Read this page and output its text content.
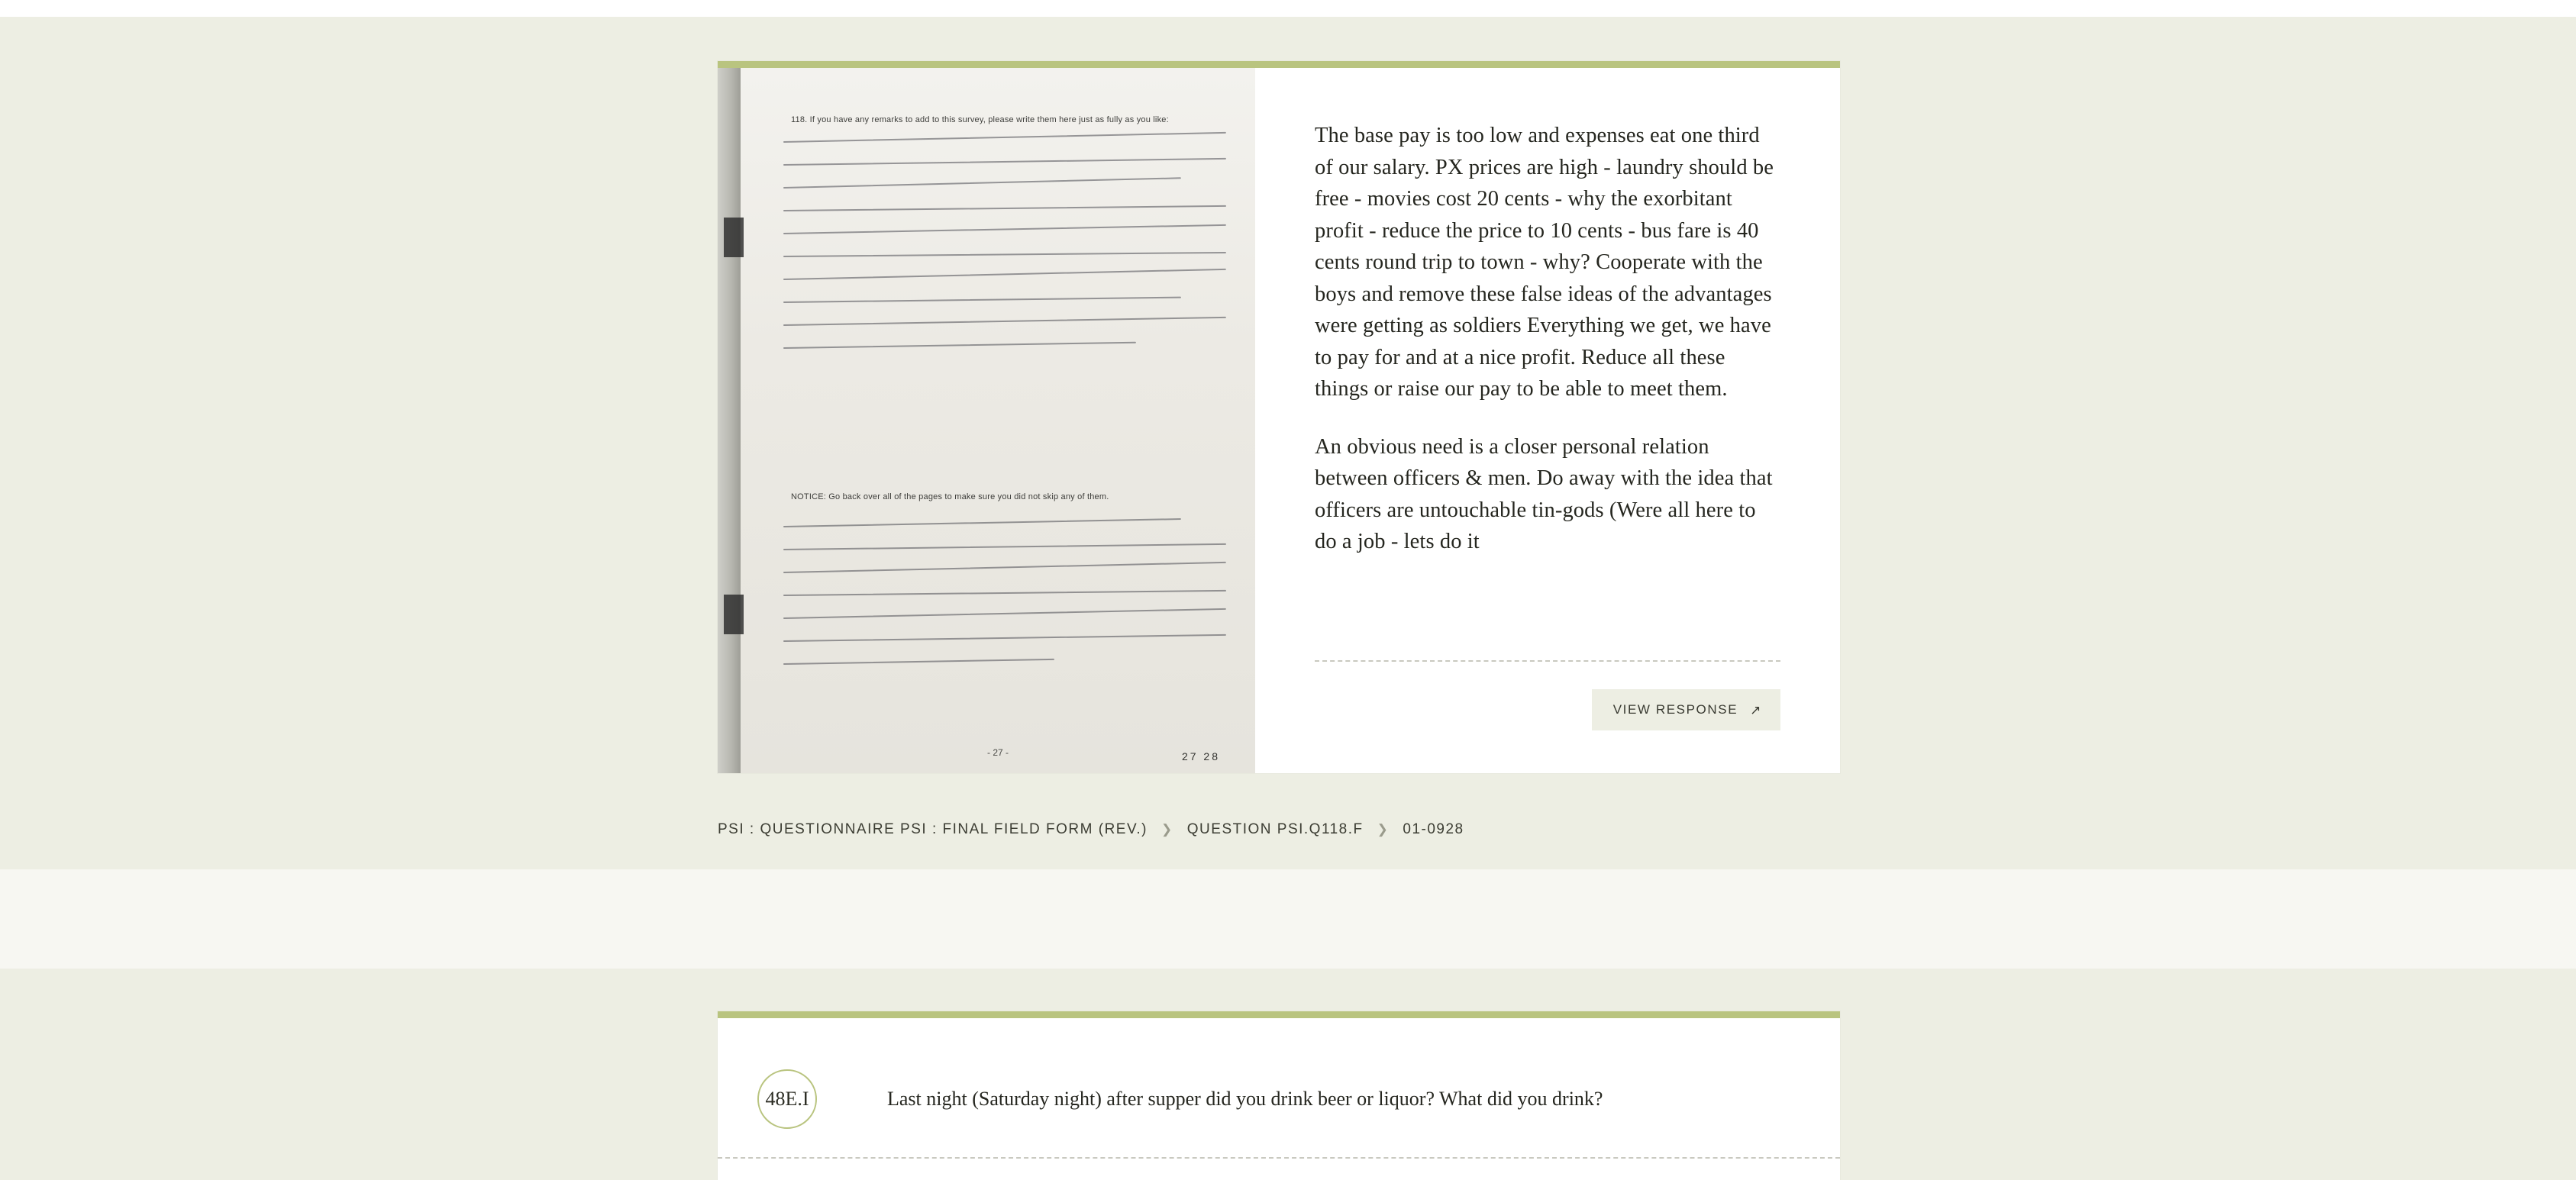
118. If you have any remarks to add to this survey, please write them here just as fully as you like:
NOTICE: Go back over all of the pages to make sure you did not skip any of them.
- 27 -	27 28

The base pay is too low and expenses eat one third of our salary. PX prices are high - laundry should be free - movies cost 20 cents - why the exorbitant profit - reduce the price to 10 cents - bus fare is 40 cents round trip to town - why? Cooperate with the boys and remove these false ideas of the advantages were getting as soldiers Everything we get, we have to pay for and at a nice profit. Reduce all these things or raise our pay to be able to meet them.

An obvious need is a closer personal relation between officers & men. Do away with the idea that officers are untouchable tin-gods (Were all here to do a job - lets do it

VIEW RESPONSE ↗
PSI : QUESTIONNAIRE PSI : FINAL FIELD FORM (REV.) ❯ QUESTION PSI.Q118.F ❯ 01-0928
48E.I	Last night (Saturday night) after supper did you drink beer or liquor? What did you drink?
